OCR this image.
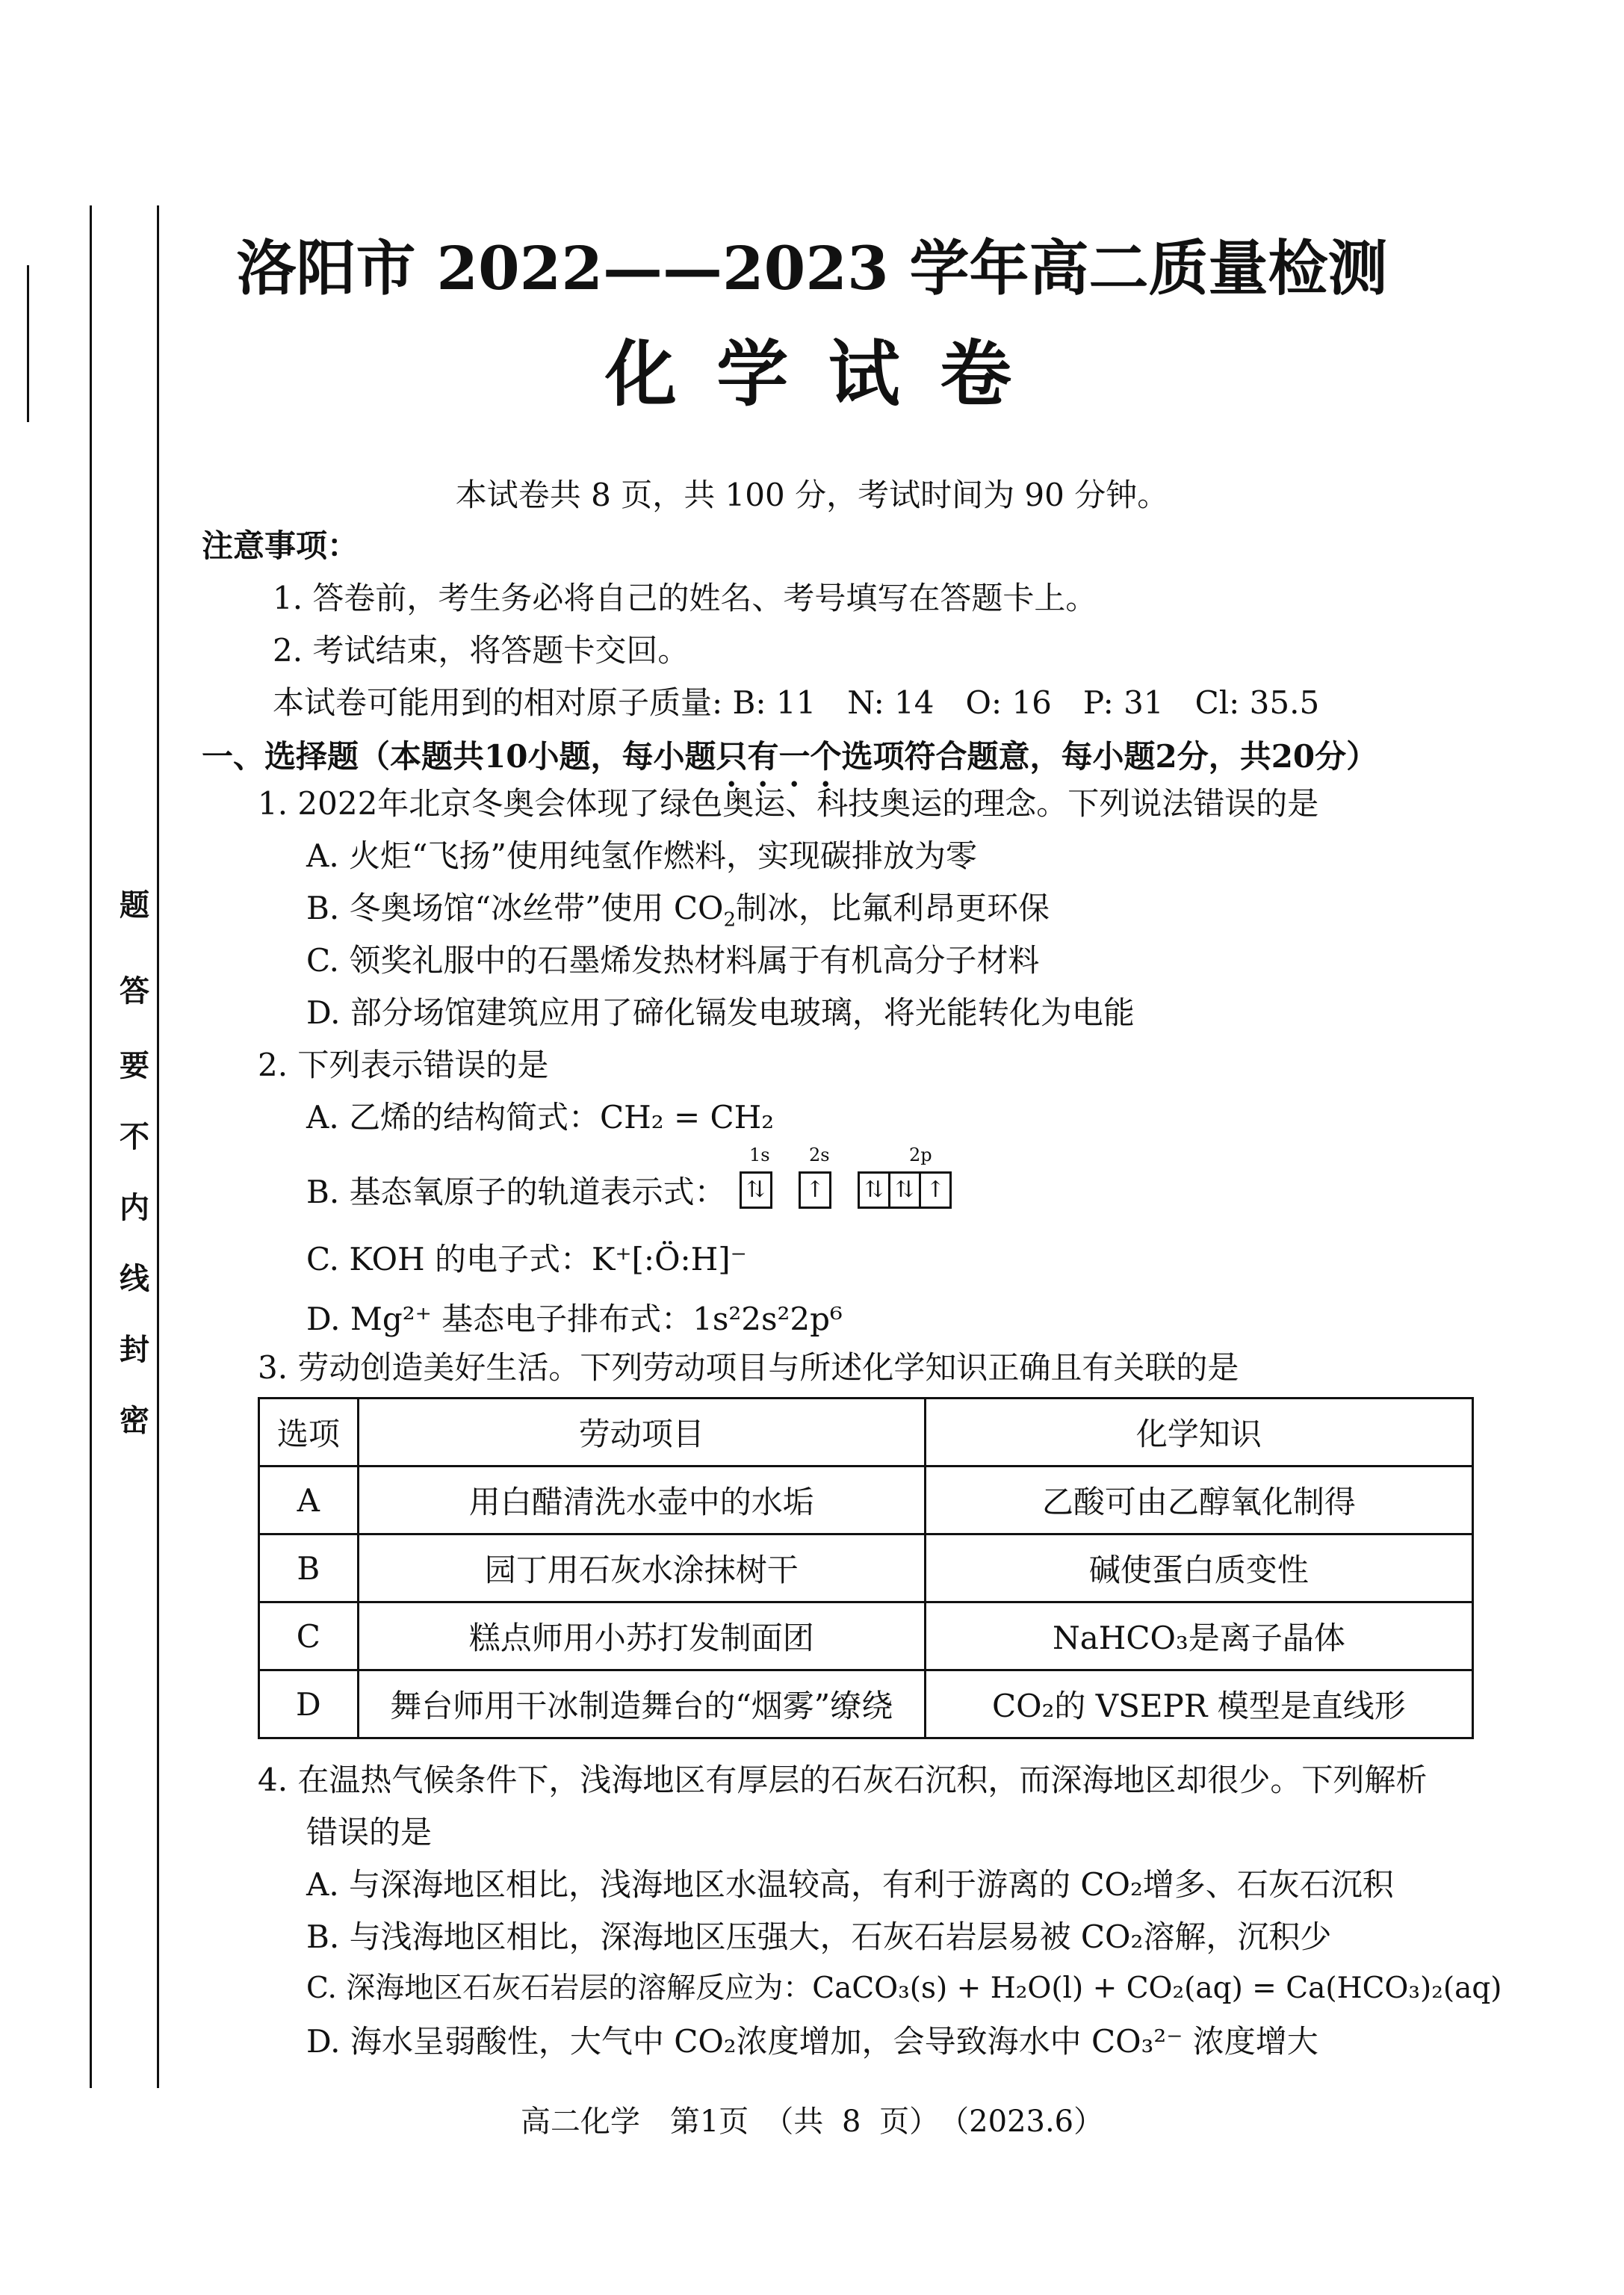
题
答
要
不
内
线
封
密
洛阳市 2022——2023 学年高二质量检测
化 学 试 卷
本试卷共 8 页，共 100 分，考试时间为 90 分钟。
注意事项：
1. 答卷前，考生务必将自己的姓名、考号填写在答题卡上。
2. 考试结束，将答题卡交回。
本试卷可能用到的相对原子质量: B: 11　N: 14　O: 16　P: 31　Cl: 35.5
一、选择题（本题共10小题，每小题只有一个选项符合题意，每小题2分，共20分）
1. 2022年北京冬奥会体现了绿色奥运、科技奥运的理念。下列说法错误的是
A. 火炬“飞扬”使用纯氢作燃料，实现碳排放为零
B. 冬奥场馆“冰丝带”使用 $CO_2$制冰，比氟利昂更环保
C. 领奖礼服中的石墨烯发热材料属于有机高分子材料
D. 部分场馆建筑应用了碲化镉发电玻璃，将光能转化为电能
2. 下列表示错误的是
A. 乙烯的结构简式：CH₂ = CH₂
B. 基态氧原子的轨道表示式：
1s 2s	2p
⇅ ↑ ⇅ ⇅ ↑
C. KOH 的电子式：K⁺[:Ö:H]⁻
D. Mg²⁺ 基态电子排布式：1s²2s²2p⁶
3. 劳动创造美好生活。下列劳动项目与所述化学知识正确且有关联的是
选项	劳动项目	化学知识
A	用白醋清洗水壶中的水垢	乙酸可由乙醇氧化制得
B	园丁用石灰水涂抹树干	碱使蛋白质变性
C	糕点师用小苏打发制面团	NaHCO₃是离子晶体
D	舞台师用干冰制造舞台的“烟雾”缭绕	CO₂的 VSEPR 模型是直线形
4. 在温热气候条件下，浅海地区有厚层的石灰石沉积，而深海地区却很少。下列解析
错误的是
A. 与深海地区相比，浅海地区水温较高，有利于游离的 CO₂增多、石灰石沉积
B. 与浅海地区相比，深海地区压强大，石灰石岩层易被 CO₂溶解，沉积少
C. 深海地区石灰石岩层的溶解反应为：CaCO₃(s) + H₂O(l) + CO₂(aq) = Ca(HCO₃)₂(aq)
D. 海水呈弱酸性，大气中 CO₂浓度增加，会导致海水中 CO₃²⁻ 浓度增大
高二化学　第1页　（共 8 页）　（2023.6）
